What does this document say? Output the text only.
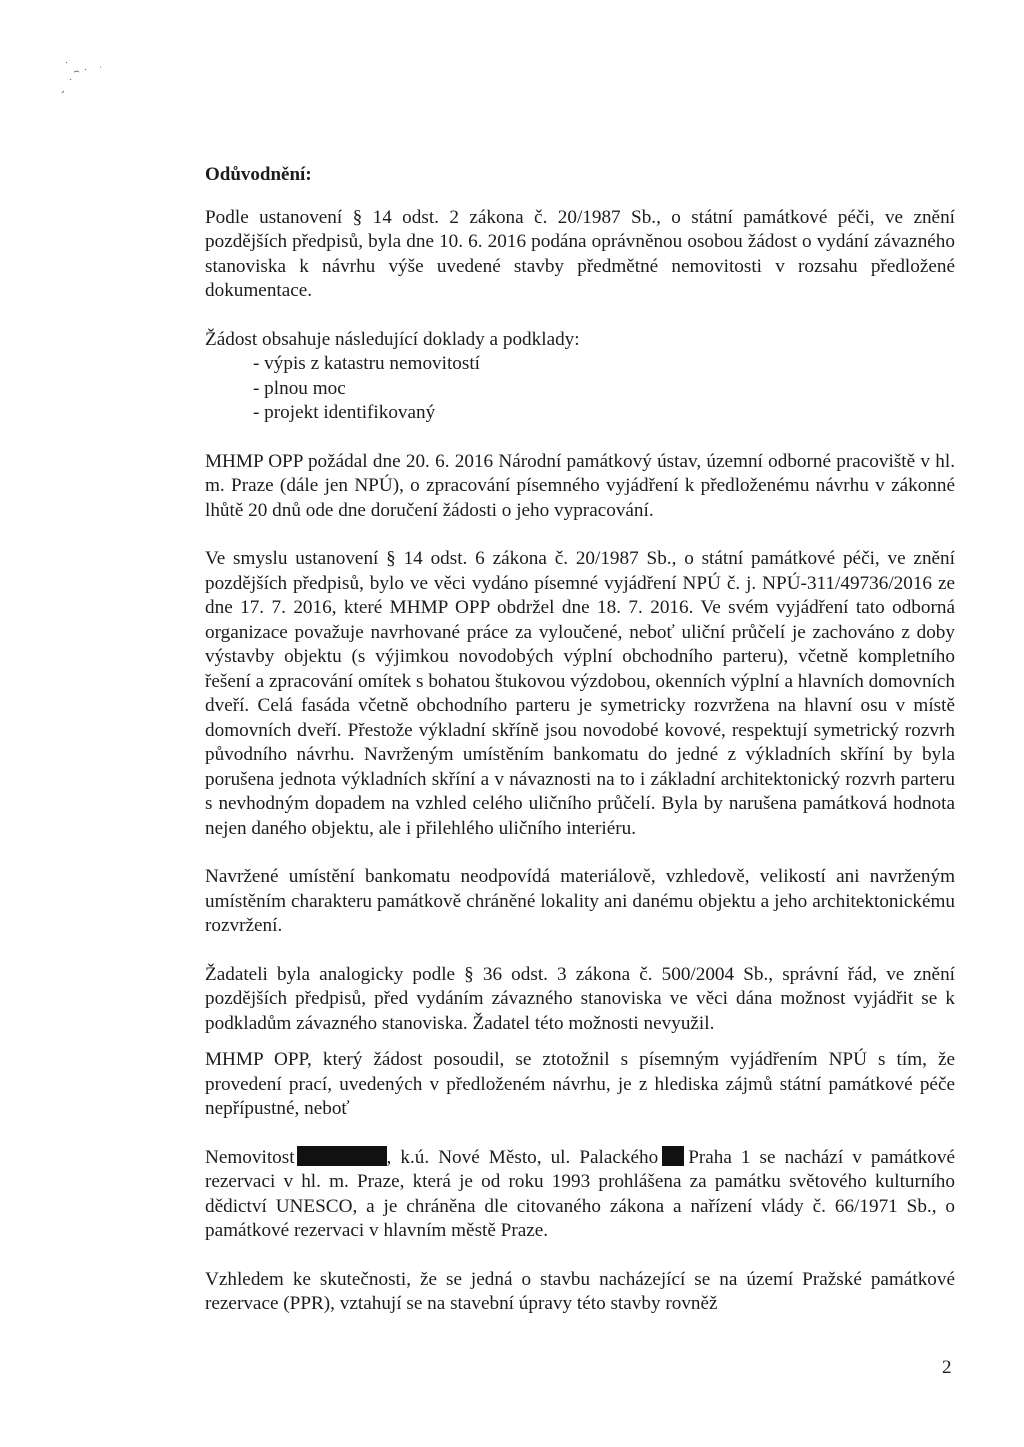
Odůvodnění:

Podle ustanovení § 14 odst. 2 zákona č. 20/1987 Sb., o státní památkové péči, ve znění pozdějších předpisů, byla dne 10. 6. 2016 podána oprávněnou osobou žádost o vydání závazného stanoviska k návrhu výše uvedené stavby předmětné nemovitosti v rozsahu předložené dokumentace.

Žádost obsahuje následující doklady a podklady:

- výpis z katastru nemovitostí
- plnou moc
- projekt identifikovaný

MHMP OPP požádal dne 20. 6. 2016 Národní památkový ústav, územní odborné pracoviště v hl. m. Praze (dále jen NPÚ), o zpracování písemného vyjádření k předloženému návrhu v zákonné lhůtě 20 dnů ode dne doručení žádosti o jeho vypracování.

Ve smyslu ustanovení § 14 odst. 6 zákona č. 20/1987 Sb., o státní památkové péči, ve znění pozdějších předpisů, bylo ve věci vydáno písemné vyjádření NPÚ č. j. NPÚ-311/49736/2016 ze dne 17. 7. 2016, které MHMP OPP obdržel dne 18. 7. 2016. Ve svém vyjádření tato odborná organizace považuje navrhované práce za vyloučené, neboť uliční průčelí je zachováno z doby výstavby objektu (s výjimkou novodobých výplní obchodního parteru), včetně kompletního řešení a zpracování omítek s bohatou štukovou výzdobou, okenních výplní a hlavních domovních dveří. Celá fasáda včetně obchodního parteru je symetricky rozvržena na hlavní osu v místě domovních dveří. Přestože výkladní skříně jsou novodobé kovové, respektují symetrický rozvrh původního návrhu. Navrženým umístěním bankomatu do jedné z výkladních skříní by byla porušena jednota výkladních skříní a v návaznosti na to i základní architektonický rozvrh parteru s nevhodným dopadem na vzhled celého uličního průčelí. Byla by narušena památková hodnota nejen daného objektu, ale i přilehlého uličního interiéru.

Navržené umístění bankomatu neodpovídá materiálově, vzhledově, velikostí ani navrženým umístěním charakteru památkově chráněné lokality ani danému objektu a jeho architektonickému rozvržení.

Žadateli byla analogicky podle § 36 odst. 3 zákona č. 500/2004 Sb., správní řád, ve znění pozdějších předpisů, před vydáním závazného stanoviska ve věci dána možnost vyjádřit se k podkladům závazného stanoviska. Žadatel této možnosti nevyužil.

MHMP OPP, který žádost posoudil, se ztotožnil s písemným vyjádřením NPÚ s tím, že provedení prací, uvedených v předloženém návrhu, je z hlediska zájmů státní památkové péče nepřípustné, neboť

Nemovitost	, k.ú. Nové Město, ul. Palackého Praha 1 se nachází v památkové rezervaci v hl. m. Praze, která je od roku 1993 prohlášena za památku světového kulturního dědictví UNESCO, a je chráněna dle citovaného zákona a nařízení vlády č. 66/1971 Sb., o památkové rezervaci v hlavním městě Praze.

Vzhledem ke skutečnosti, že se jedná o stavbu nacházející se na území Pražské památkové rezervace (PPR), vztahují se na stavební úpravy této stavby rovněž

2
